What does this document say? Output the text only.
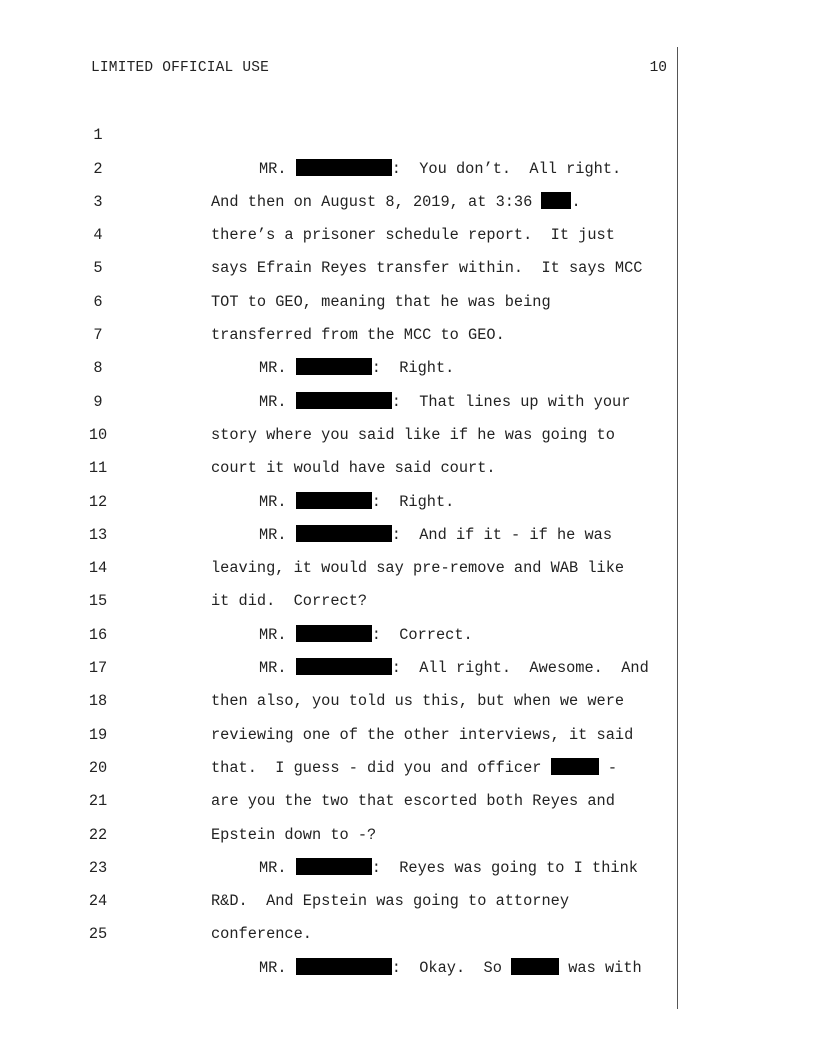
LIMITED OFFICIAL USE	10

1

MR.	:  You don’t.  All right.

2

And then on August 8, 2019, at 3:36 .

3

there’s a prisoner schedule report.  It just

4

says Efrain Reyes transfer within.  It says MCC

5

TOT to GEO, meaning that he was being

6

transferred from the MCC to GEO.

7

MR.	:  Right.

8

MR.	:  That lines up with your

9

story where you said like if he was going to

10

court it would have said court.

11

MR.	:  Right.

12

MR.	:  And if it - if he was

13

leaving, it would say pre-remove and WAB like

14

it did.  Correct?

15

MR.	:  Correct.

16

MR.	:  All right.  Awesome.  And

17

then also, you told us this, but when we were

18

reviewing one of the other interviews, it said

19

that.  I guess - did you and officer	-

20

are you the two that escorted both Reyes and

21

Epstein down to -?

22

MR.	:  Reyes was going to I think

23

R&D.  And Epstein was going to attorney

24

conference.

25

MR.	:  Okay.  So	was with
